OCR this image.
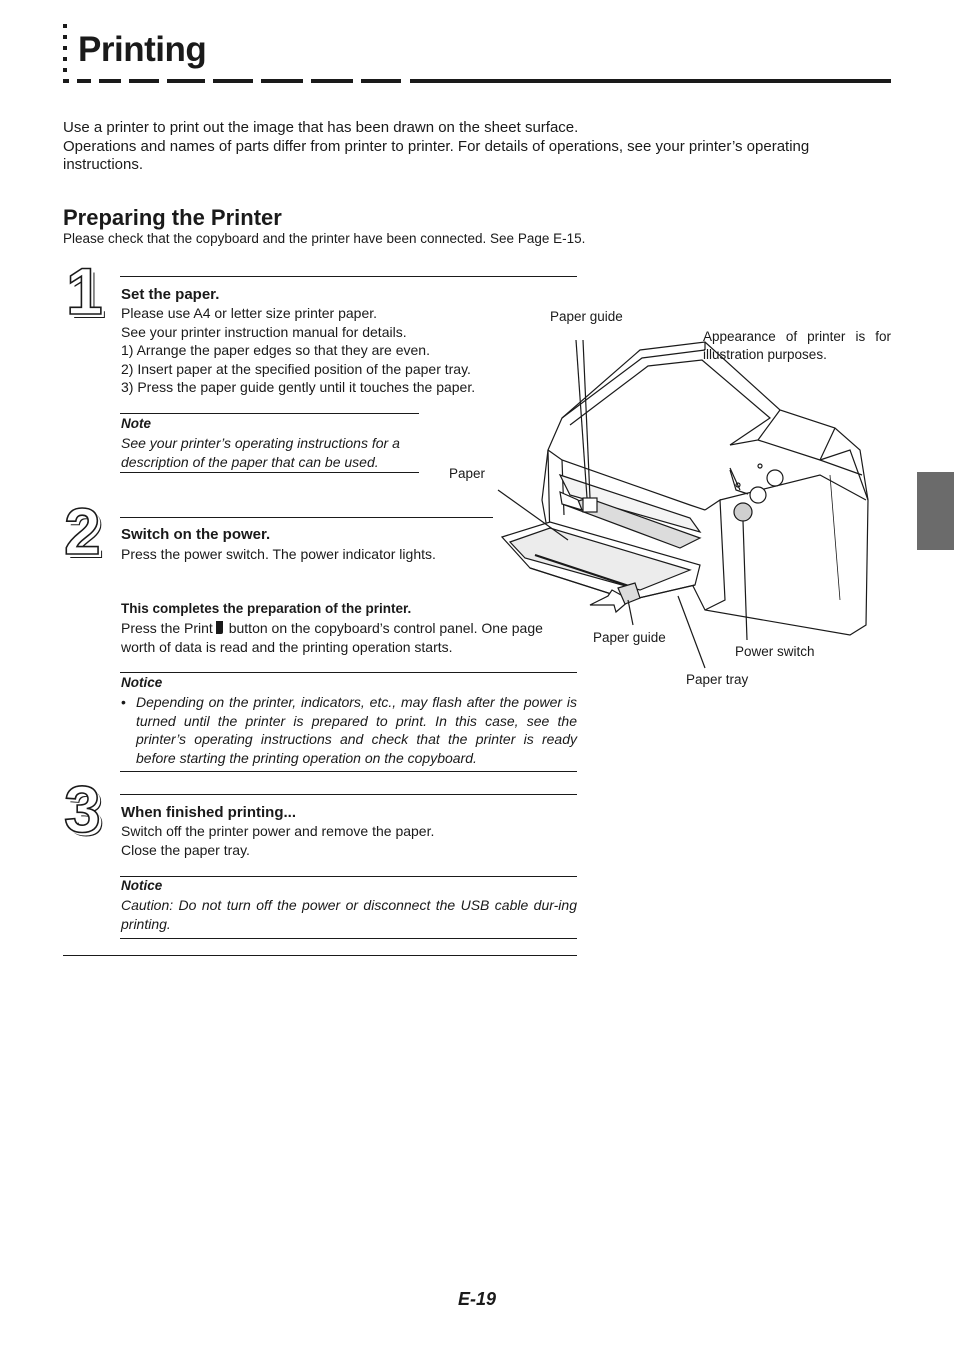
Printing
Use a printer to print out the image that has been drawn on the sheet surface.
Operations and names of parts differ from printer to printer. For details of operations, see your printer’s operating instructions.
Preparing the Printer
Please check that the copyboard and the printer have been connected. See Page E-15.
1 Set the paper.
Please use A4 or letter size printer paper.
See your printer instruction manual for details.
1) Arrange the paper edges so that they are even.
2) Insert paper at the specified position of the paper tray.
3) Press the paper guide gently until it touches the paper.
Note
See your printer’s operating instructions for a description of the paper that can be used.
2 Switch on the power.
Press the power switch. The power indicator lights.
This completes the preparation of the printer.
Press the Print button on the copyboard’s control panel. One page worth of data is read and the printing operation starts.
Notice
• Depending on the printer, indicators, etc., may flash after the power is turned until the printer is prepared to print. In this case, see the printer’s operating instructions and check that the printer is ready before starting the printing operation on the copyboard.
3 When finished printing...
Switch off the printer power and remove the paper.
Close the paper tray.
Notice
Caution: Do not turn off the power or disconnect the USB cable dur-ing printing.
Paper guide
Appearance of printer is for illustration purposes.
Paper
Paper guide
Power switch
Paper tray
E-19
